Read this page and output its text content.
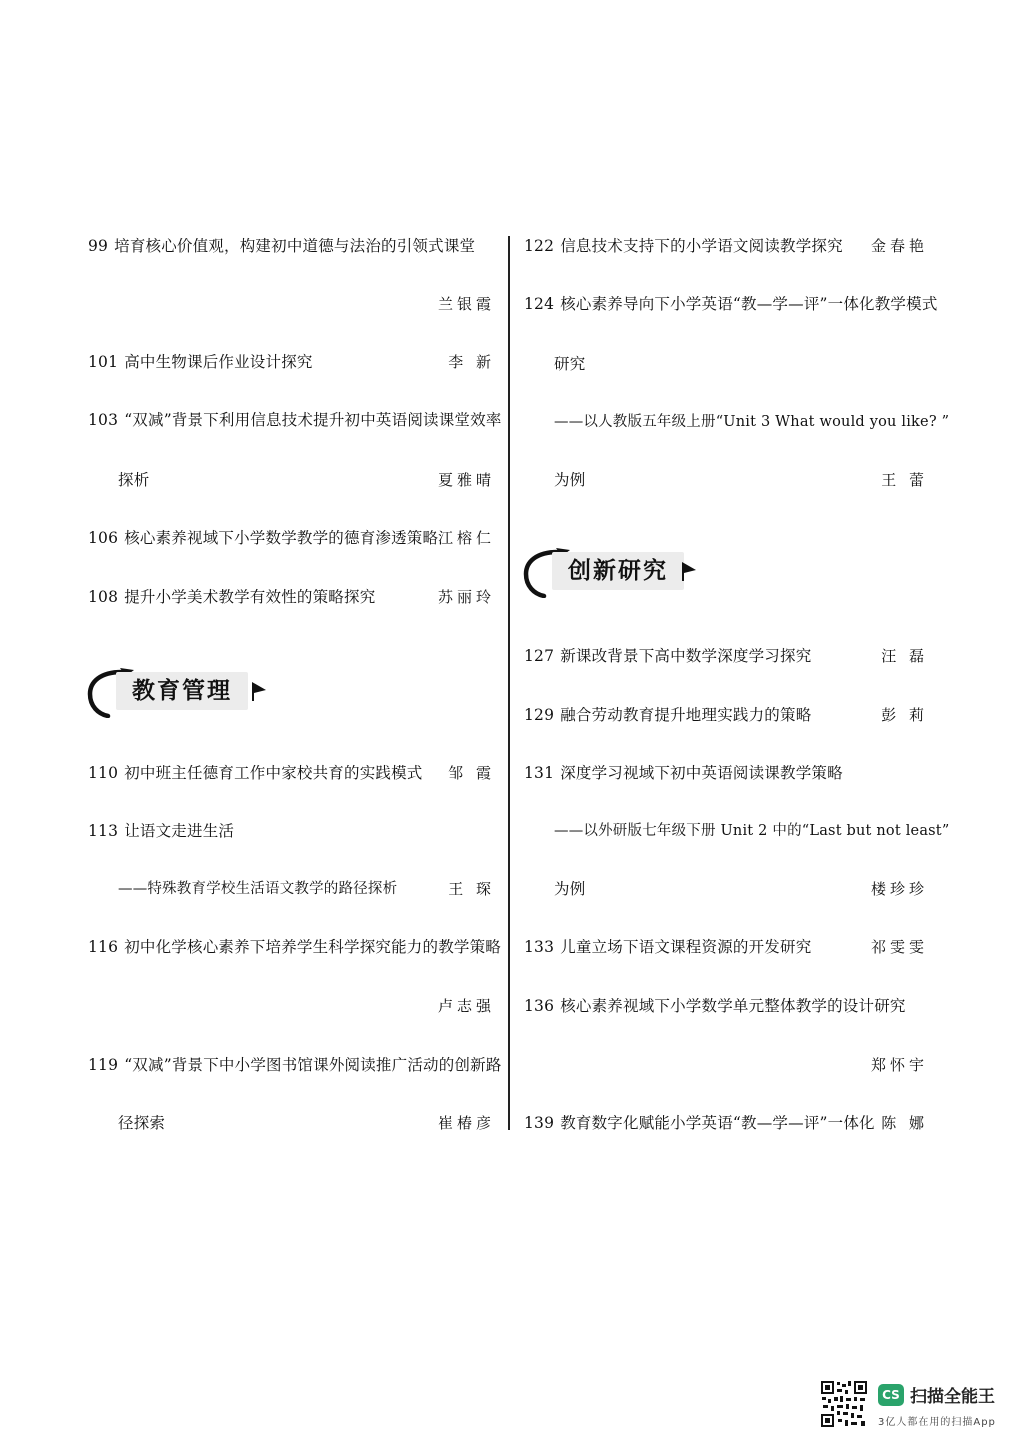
99 培育核心价值观，构建初中道德与法治的引领式课堂
兰银霞
101 高中生物课后作业设计探究	李 新
103 “双减”背景下利用信息技术提升初中英语阅读课堂效率
探析	夏雅晴
106 核心素养视域下小学数学教学的德育渗透策略 江榕仁
108 提升小学美术教学有效性的策略探究	苏丽玲
教育管理
110 初中班主任德育工作中家校共育的实践模式 邹 霞
113 让语文走进生活
——特殊教育学校生活语文教学的路径探析	王 琛
116 初中化学核心素养下培养学生科学探究能力的教学策略
卢志强
119 “双减”背景下中小学图书馆课外阅读推广活动的创新路
径探索	崔椿彦
122 信息技术支持下的小学语文阅读教学探究 金春艳
124 核心素养导向下小学英语“教—学—评”一体化教学模式
研究
——以人教版五年级上册“Unit 3 What would you like? ”
为例	王 蕾
创新研究
127 新课改背景下高中数学深度学习探究	汪 磊
129 融合劳动教育提升地理实践力的策略	彭 莉
131 深度学习视域下初中英语阅读课教学策略
——以外研版七年级下册 Unit 2 中的“Last but not least”
为例	楼珍珍
133 儿童立场下语文课程资源的开发研究	祁雯雯
136 核心素养视域下小学数学单元整体教学的设计研究
郑怀宇
139 教育数字化赋能小学英语“教—学—评”一体化 陈 娜
CS 扫描全能王
3亿人都在用的扫描App
